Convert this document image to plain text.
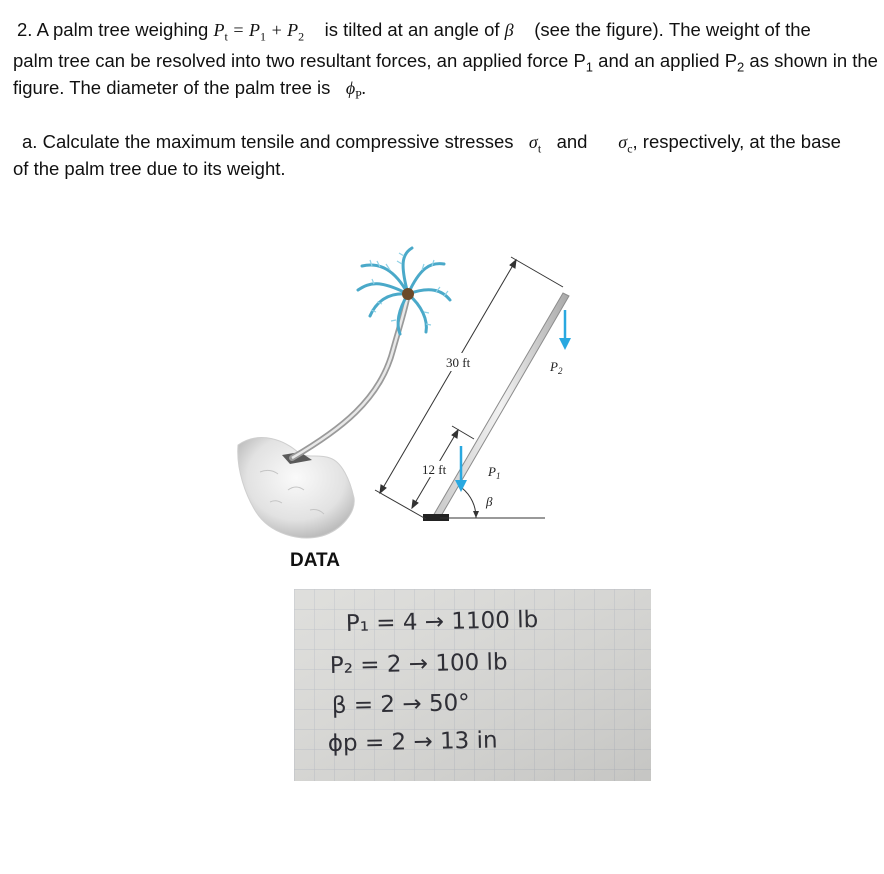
2. A palm tree weighing $P_t = P_1 + P_2$ is tilted at an angle of β (see the figure). The weight of the
palm tree can be resolved into two resultant forces, an applied force $P_1$ and an applied $P_2$ as shown in the
figure. The diameter of the palm tree is $\phi_P$.
a. Calculate the maximum tensile and compressive stresses $\sigma_t$ and $\sigma_c$, respectively, at the base
of the palm tree due to its weight.
β
30 ft
12 ft	$P_1$
$P_2$
DATA
P₁ = 4 → 1100 lb
P₂ = 2 → 100 lb
β = 2 → 50°
ϕp = 2 → 13 in
